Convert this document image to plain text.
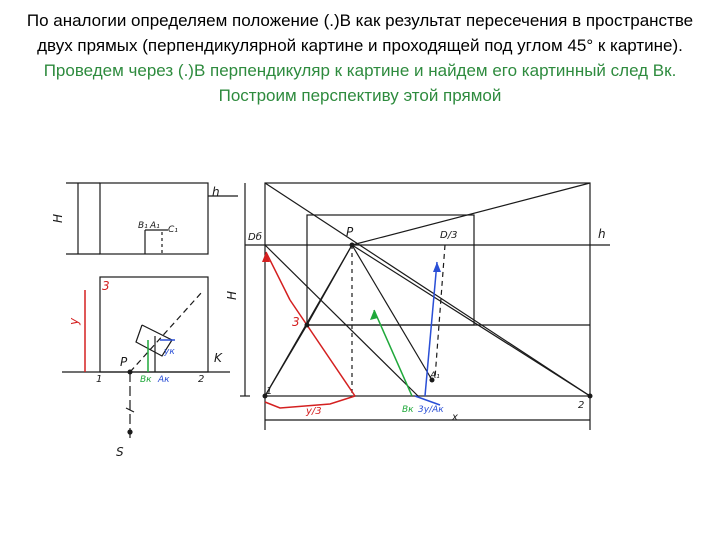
По аналогии определяем положение (.)В как результат пересечения в пространстве двух прямых (перпендикулярной картине и проходящей под углом 45° к картине). Проведем через (.)В перпендикуляр к картине и найдем его картинный след Вк. Построим перспективу этой прямой
H
h
B₁ A₁ C₁
3
y
P	K
1	2
S
Bк Aк
yк
H
Dб	P	D/3	h
3
A₁
1
2
y/3	Bк 3y/Aк
x
